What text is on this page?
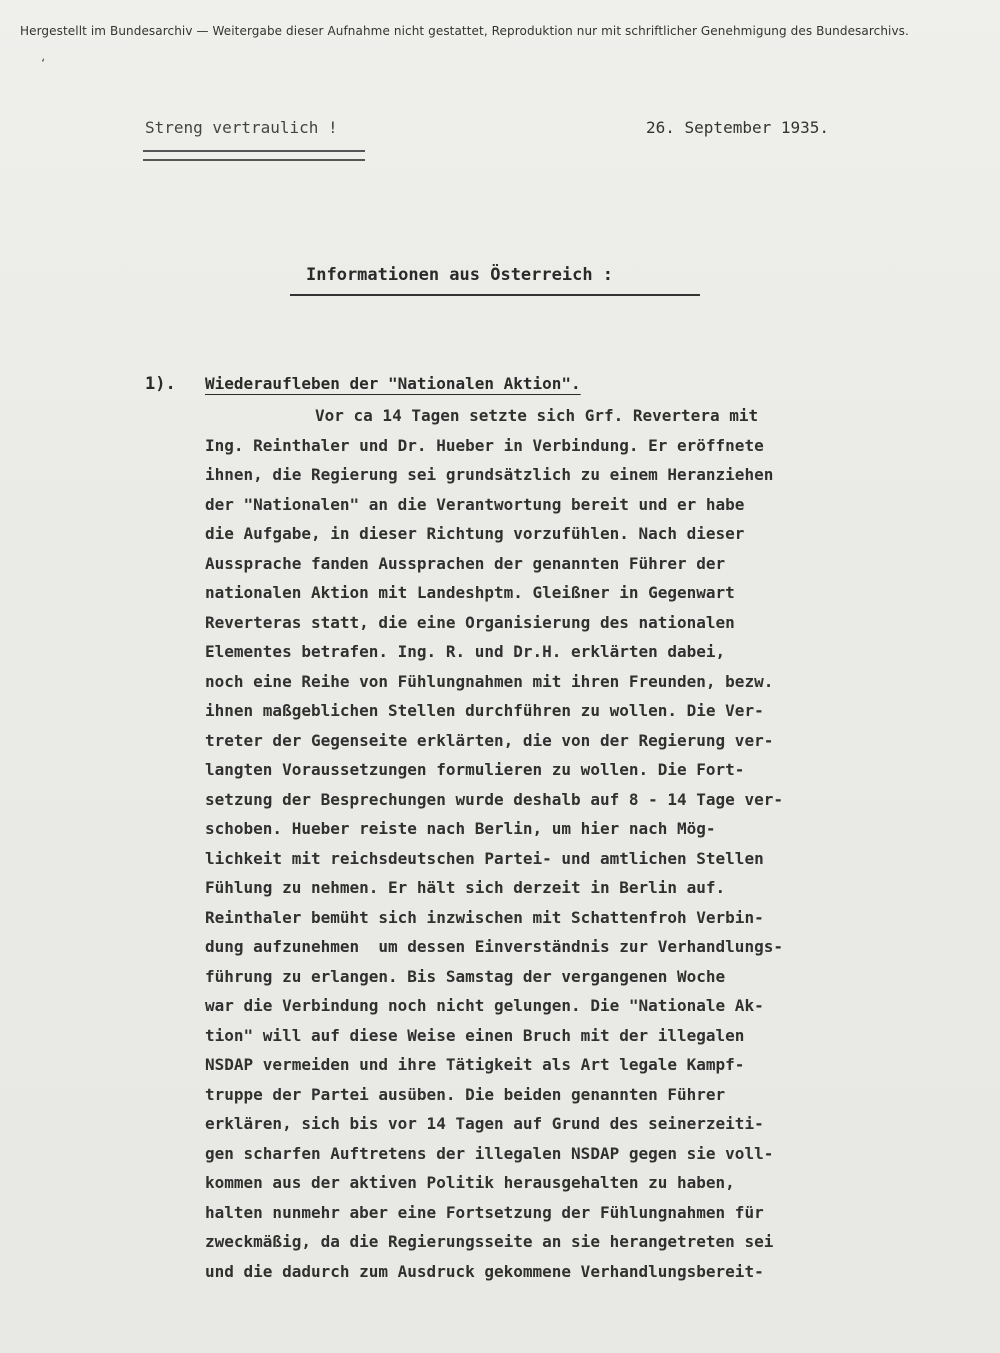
Hergestellt im Bundesarchiv — Weitergabe dieser Aufnahme nicht gestattet, Reproduktion nur mit schriftlicher Genehmigung des Bundesarchivs.
ʻ
Streng vertraulich !	26. September 1935.
Informationen aus Österreich :
1). Wiederaufleben der "Nationalen Aktion".
Vor ca 14 Tagen setzte sich Grf. Revertera mit
Ing. Reinthaler und Dr. Hueber in Verbindung. Er eröffnete
ihnen, die Regierung sei grundsätzlich zu einem Heranziehen
der "Nationalen" an die Verantwortung bereit und er habe
die Aufgabe, in dieser Richtung vorzufühlen. Nach dieser
Aussprache fanden Aussprachen der genannten Führer der
nationalen Aktion mit Landeshptm. Gleißner in Gegenwart
Reverteras statt, die eine Organisierung des nationalen
Elementes betrafen. Ing. R. und Dr.H. erklärten dabei,
noch eine Reihe von Fühlungnahmen mit ihren Freunden, bezw.
ihnen maßgeblichen Stellen durchführen zu wollen. Die Ver-
treter der Gegenseite erklärten, die von der Regierung ver-
langten Voraussetzungen formulieren zu wollen. Die Fort-
setzung der Besprechungen wurde deshalb auf 8 - 14 Tage ver-
schoben. Hueber reiste nach Berlin, um hier nach Mög-
lichkeit mit reichsdeutschen Partei- und amtlichen Stellen
Fühlung zu nehmen. Er hält sich derzeit in Berlin auf.
Reinthaler bemüht sich inzwischen mit Schattenfroh Verbin-
dung aufzunehmen  um dessen Einverständnis zur Verhandlungs-
führung zu erlangen. Bis Samstag der vergangenen Woche
war die Verbindung noch nicht gelungen. Die "Nationale Ak-
tion" will auf diese Weise einen Bruch mit der illegalen
NSDAP vermeiden und ihre Tätigkeit als Art legale Kampf-
truppe der Partei ausüben. Die beiden genannten Führer
erklären, sich bis vor 14 Tagen auf Grund des seinerzeiti-
gen scharfen Auftretens der illegalen NSDAP gegen sie voll-
kommen aus der aktiven Politik herausgehalten zu haben,
halten nunmehr aber eine Fortsetzung der Fühlungnahmen für
zweckmäßig, da die Regierungsseite an sie herangetreten sei
und die dadurch zum Ausdruck gekommene Verhandlungsbereit-
